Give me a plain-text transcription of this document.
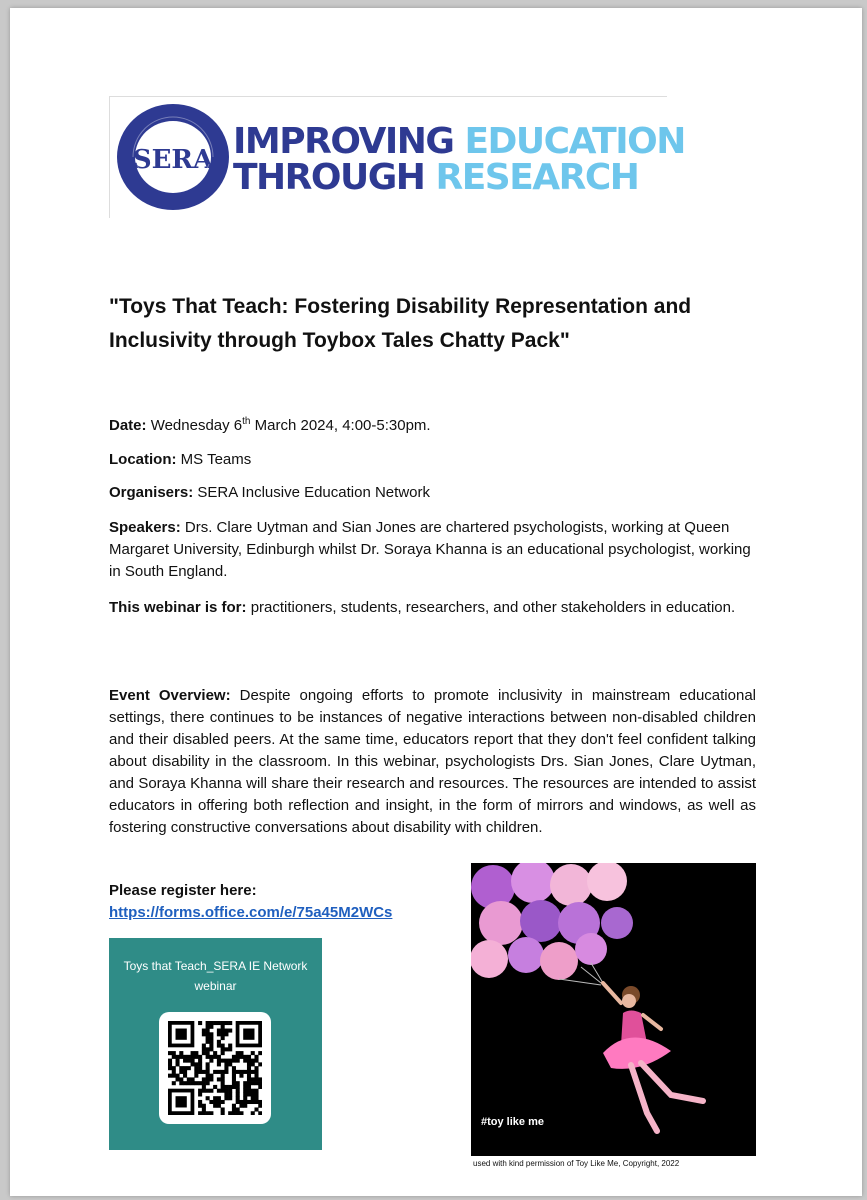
SERA IMPROVING EDUCATION
THROUGH RESEARCH
"Toys That Teach: Fostering Disability Representation and Inclusivity through Toybox Tales Chatty Pack"

Date: Wednesday 6th March 2024, 4:00-5:30pm.

Location: MS Teams

Organisers: SERA Inclusive Education Network

Speakers: Drs. Clare Uytman and Sian Jones are chartered psychologists, working at Queen Margaret University, Edinburgh whilst Dr. Soraya Khanna is an educational psychologist, working in South England.

This webinar is for: practitioners, students, researchers, and other stakeholders in education.

Event Overview: Despite ongoing efforts to promote inclusivity in mainstream educational settings, there continues to be instances of negative interactions between non-disabled children and their disabled peers. At the same time, educators report that they don't feel confident talking about disability in the classroom. In this webinar, psychologists Drs. Sian Jones, Clare Uytman, and Soraya Khanna will share their research and resources. The resources are intended to assist educators in offering both reflection and insight, in the form of mirrors and windows, as well as fostering constructive conversations about disability with children.

Please register here:
https://forms.office.com/e/75a45M2WCs
Toys that Teach_SERA IE Network webinar
#toy like me
used with kind permission of Toy Like Me, Copyright, 2022
